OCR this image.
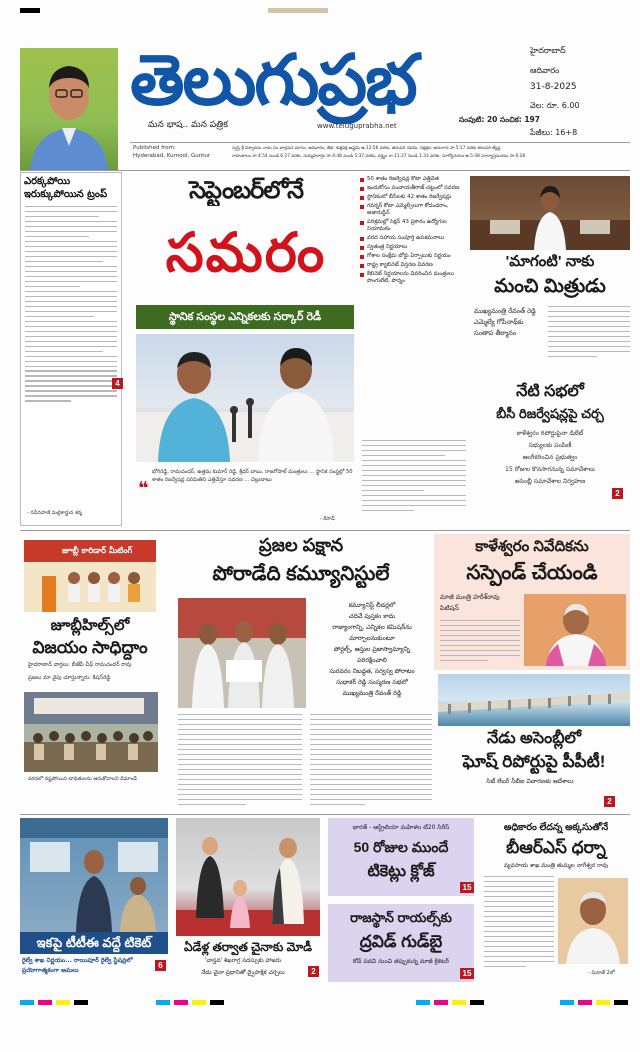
తెలుగుప్రభ
మన భాష.. మన పత్రిక	www.teluguprabha.net
హైదరాబాద్
ఆదివారం
31-8-2025
వెల: రూ. 6.00
సంపుటి: 20 సంచిక: 197
పేజీలు: 16+8
Published from:
Hyderabad, Kurnool, Guntur
స్వస్తి శ్రీ విశ్వావసు నామ సం భాద్రపద మాసం, ఆదివారం, తిథి: శుక్లపక్ష అష్టమి ఉ.12:56 వరకు, తదుపరి నవమి, నక్షత్రం: అనురాధ సా.5:17 వరకు తదుపరి జ్యేష్ఠ
రాహుకాలం సా.4:54 నుండి 6:27 వరకు, దుర్ముహూర్తం సా.4:48 నుండి 5:37 వరకు, వర్జ్యం రా.11:37 నుండి 1:33 వరకు, సూర్యోదయం ఉ.5:48 సూర్యాస్తమయం సా.6:28
ఎరక్కపోయి ఇరుక్కుపోయిన ట్రంప్
4
- నవీనపాణి మల్లికార్జున శర్మ
సెప్టెంబర్‌లోనే
సమరం
స్థానిక సంస్థల ఎన్నికలకు సర్కార్ రెడీ
❝
భోగిరెడ్డి, రామచందర్, ఉత్తమ కుమార్ రెడ్డి, శ్రీధర్ బాబు, రాజగోపాల్ మంత్రులు ... స్థానిక సంస్థల్లో 50 శాతం రిజర్వేషన్ల పరిమితిని ఎత్తివేస్తూ సవరణ ... చెల్లుబాటు
- కేసాడ్
50 శాతం రిజర్వేషన్ల కోటా ఎత్తివేత
ఇందుకోసం పంచాయతీరాజ్ చట్టంలో సవరణ
స్థానికంలో బీసీలకు 42 శాతం రిజర్వేషన్లు
గవర్నర్ కోటా ఎమ్మెల్సీలుగా కోదండరాం, అజారుద్దీన్
పరిశ్రమల్లో సెక్షన్ 43 ప్రకారం ఉద్యోగుల నియామకం
వరద సహాయ సంపూర్తి ఉపశమనాలు
స్వతంత్ర నిర్ణయాలు
గోశాల సంక్షేమ బోర్డు ఏర్పాటుకు నిర్ణయం
రాష్ట్ర క్యాబినెట్ విస్తరణ వివరణ
కేబినెట్ నిర్ణయాలను వివరించిన మంత్రులు పొంగులేటి, పొన్నం
'మాగంటి' నాకు
మంచి మిత్రుడు
ముఖ్యమంత్రి రేవంత్ రెడ్డి ఎమ్మెల్యే గోపీనాథ్‌కు సంతాప తీర్మానం
నేటి సభలో
బీసీ రిజర్వేషన్లపై చర్చ
కాళేశ్వరం రిపోర్టుపైనా డిబేట్
సభ్యులకు పంపిణీ
ఆంగీకరించిన ప్రభుత్వం
15 రోజుల కొనసాగనున్న సమావేశాలు
అసెంబ్లీ సమావేశాల నిర్వహణ
2
జూబ్లీ కారిడార్ మీటింగ్
జూబ్లీహిల్స్‌లో
విజయం సాధిద్దాం
హైదరాబాద్ వార్తలు: బీజేపీ చీఫ్ రామచందర్ రావు
ప్రజలు మా వైపు చూస్తున్నారు: కిషన్‌రెడ్డి
వరదలో నష్టపోయిన బాధితులను ఆదుకోవాలని డిమాండ్
ప్రజల పక్షాన
పోరాడేది కమ్యూనిస్టులే
కమ్యూనిస్ట్ లీడర్లలో
చదివే పుస్తకం కాదు
రాజ్యాంగాన్ని, ఎన్నికల కమిషన్‌ను
మార్చాలనుకుంటూ
పోర్టల్స్, ఆస్తుల ప్రజాస్వామ్యాన్ని
పరిరక్షించాలి
సురవరం నిబద్ధత, సర్వస్వ పోరాటం
సుధాకర్ రెడ్డి సంస్మరణ సభలో
ముఖ్యమంత్రి రేవంత్ రెడ్డి
కాళేశ్వరం నివేదికను
సస్పెండ్ చేయండి
మాజీ మంత్రి హరీశ్‌రావు పిటిషన్
నేడు అసెంబ్లీలో
ఘోష్ రిపోర్టుపై పీపీటీ!
సిటీ లేబర్ సీబీఐ విచారణకు ఆదేశాలు
2
ఇకపై టీటీఈ వద్దే టికెట్
రైల్వే శాఖ నిర్ణయం... రాయిపూర్ రైల్వే స్టేషన్లలో ప్రయోగాత్మకంగా అమలు
6
ఏడేళ్ల తర్వాత చైనాకు మోడీ
'వాస్తవ' శిఖరాగ్ర సదస్సుకు హాజరు
నేడు చైనా ప్రధానితో ద్వైపాక్షిక చర్చలు	2
భారత్ - ఆస్ట్రేలియా మహిళల టీ20 సిరీస్
50 రోజుల ముందే
టికెట్లు క్లోజ్
15
రాజస్థాన్ రాయల్స్‌కు
ద్రవిడ్ గుడ్‌బై
కోచ్ పదవి నుంచి తప్పుకున్న మాజీ క్రికెటర్
15
అధికారం లేదన్న అక్కసుతోనే
బీఆర్ఎస్ ధర్నా
వ్యవసాయ శాఖ మంత్రి తుమ్మల నాగేశ్వర రావు
- మిరాజ్ 2లో
